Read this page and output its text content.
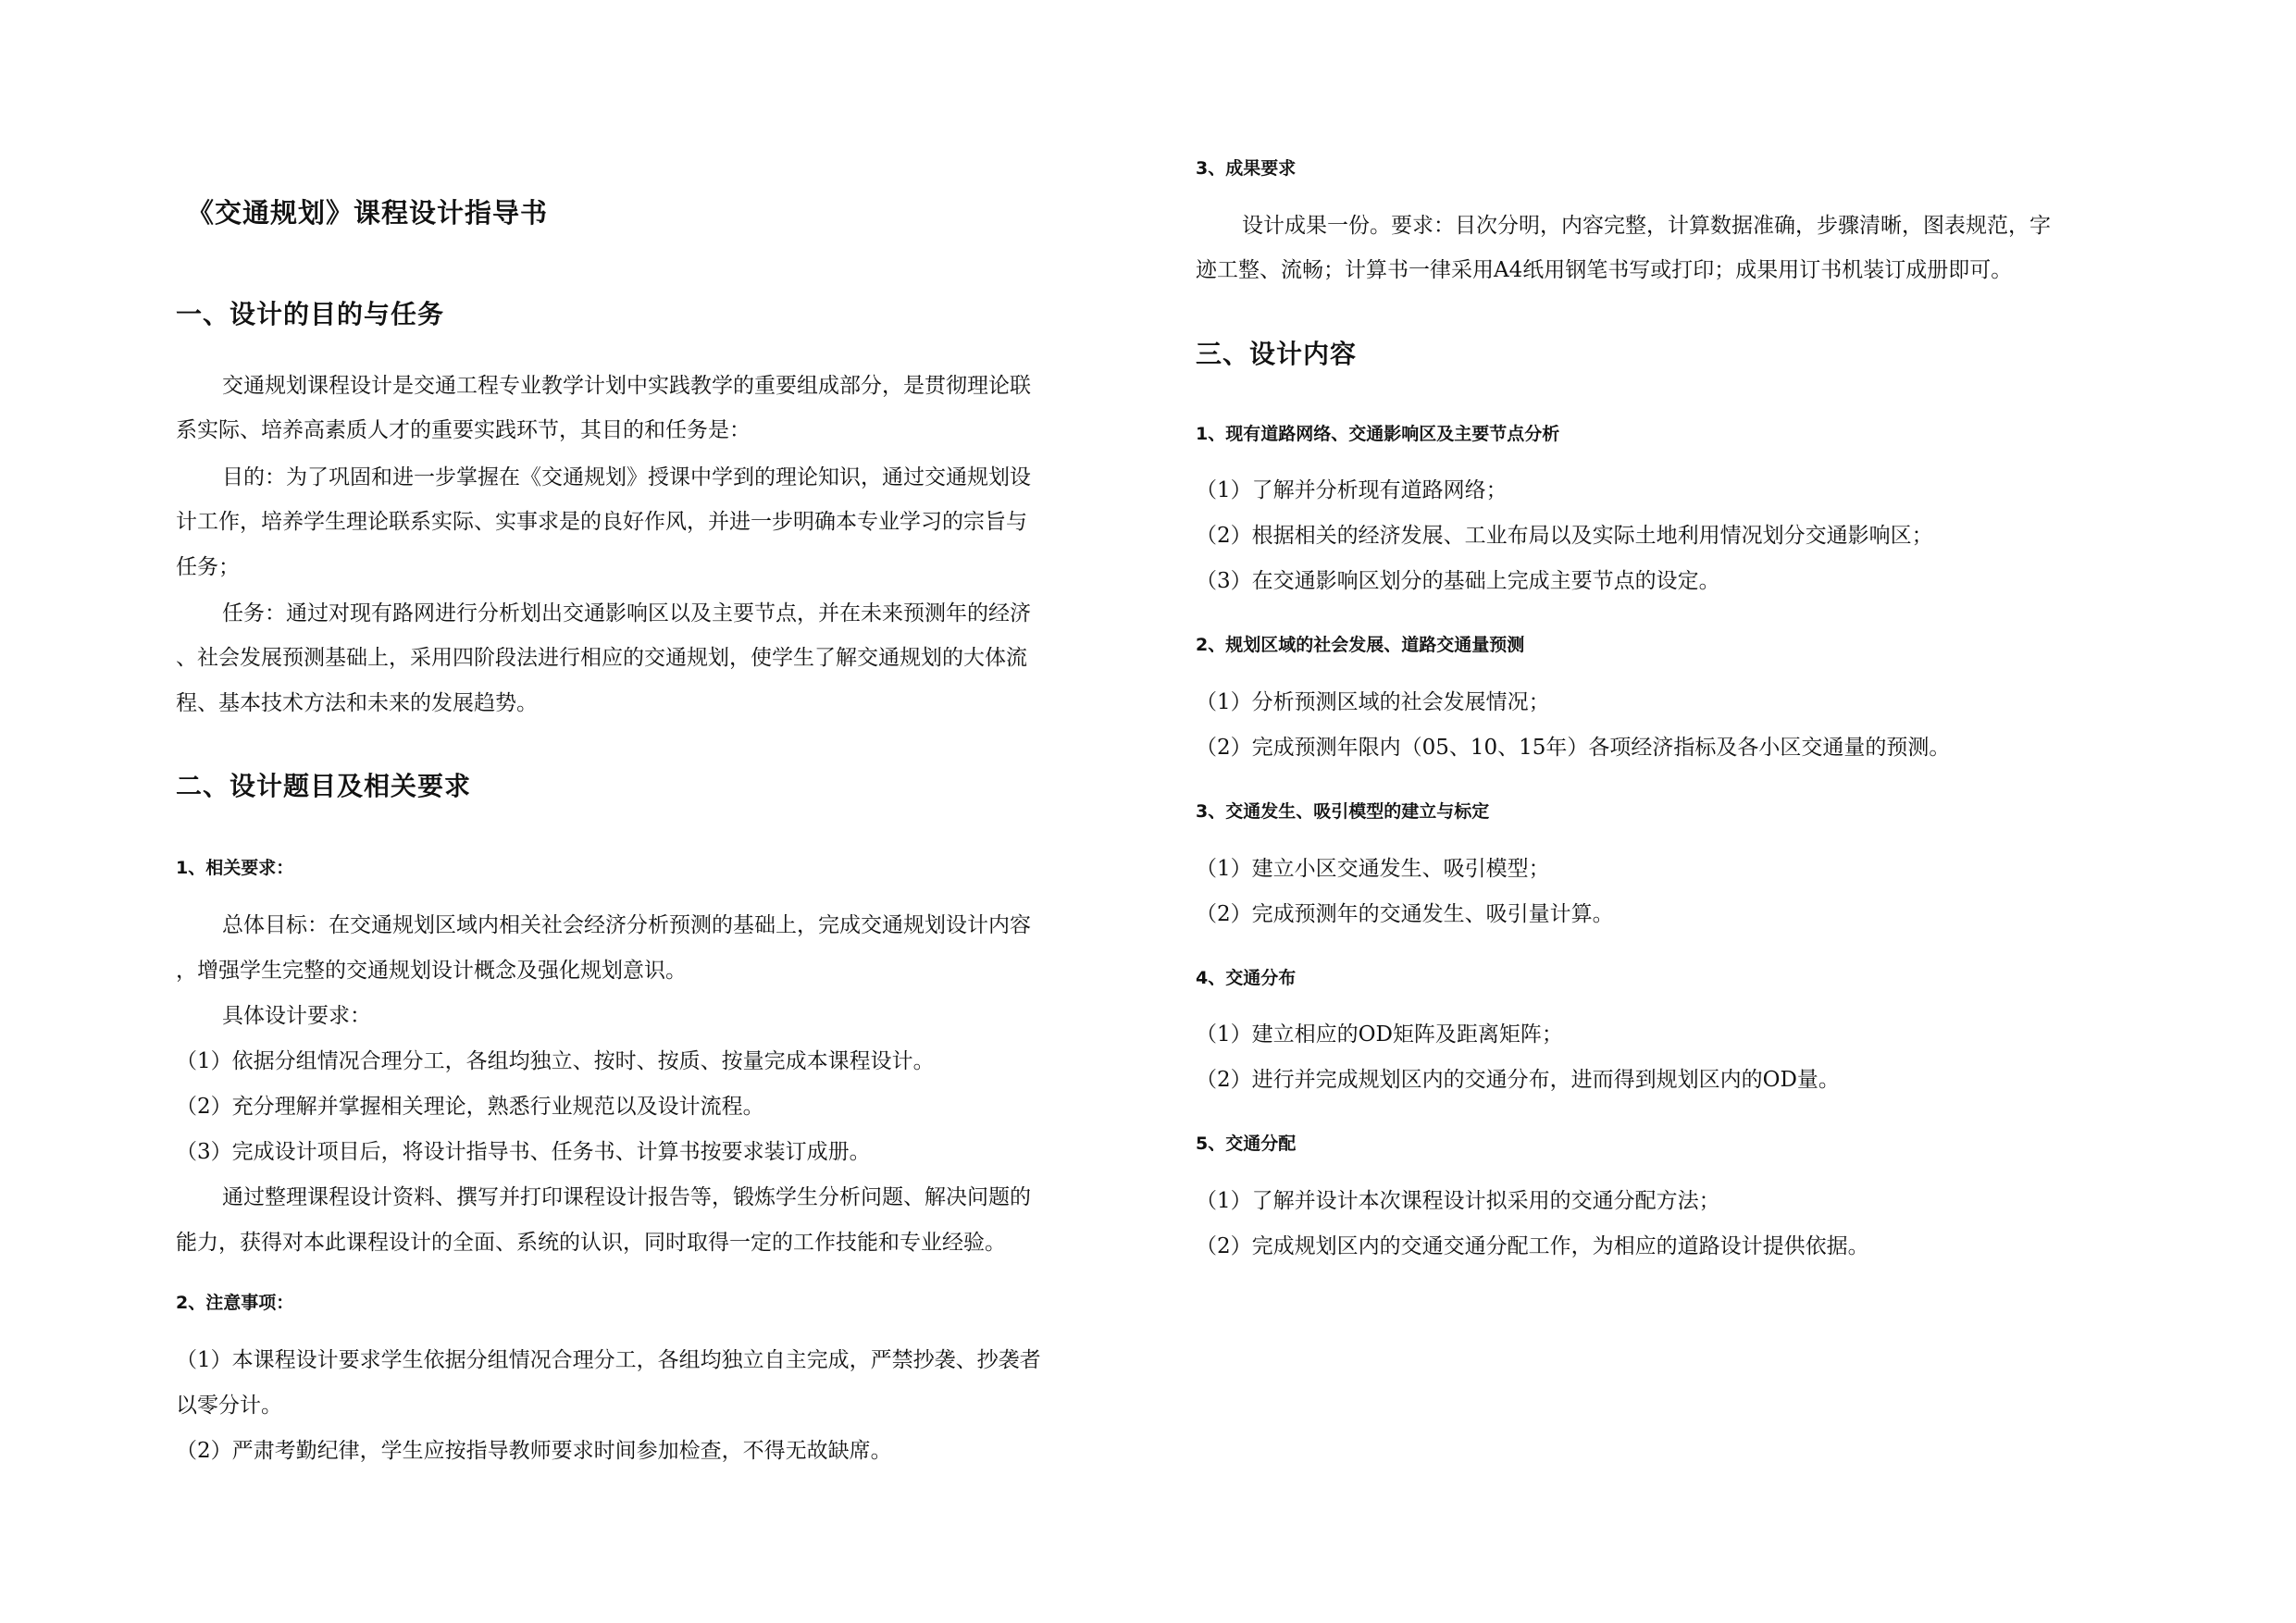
《交通规划》课程设计指导书
一、设计的目的与任务
交通规划课程设计是交通工程专业教学计划中实践教学的重要组成部分，是贯彻理论联
系实际、培养高素质人才的重要实践环节，其目的和任务是：
目的：为了巩固和进一步掌握在《交通规划》授课中学到的理论知识，通过交通规划设
计工作，培养学生理论联系实际、实事求是的良好作风，并进一步明确本专业学习的宗旨与
任务；
任务：通过对现有路网进行分析划出交通影响区以及主要节点，并在未来预测年的经济
、社会发展预测基础上，采用四阶段法进行相应的交通规划，使学生了解交通规划的大体流
程、基本技术方法和未来的发展趋势。
二、设计题目及相关要求
1、相关要求：
总体目标：在交通规划区域内相关社会经济分析预测的基础上，完成交通规划设计内容
，增强学生完整的交通规划设计概念及强化规划意识。
具体设计要求：
（1）依据分组情况合理分工，各组均独立、按时、按质、按量完成本课程设计。
（2）充分理解并掌握相关理论，熟悉行业规范以及设计流程。
（3）完成设计项目后，将设计指导书、任务书、计算书按要求装订成册。
通过整理课程设计资料、撰写并打印课程设计报告等，锻炼学生分析问题、解决问题的
能力，获得对本此课程设计的全面、系统的认识，同时取得一定的工作技能和专业经验。
2、注意事项：
（1）本课程设计要求学生依据分组情况合理分工，各组均独立自主完成，严禁抄袭、抄袭者
以零分计。
（2）严肃考勤纪律，学生应按指导教师要求时间参加检查，不得无故缺席。
3、成果要求
设计成果一份。要求：目次分明，内容完整，计算数据准确，步骤清晰，图表规范，字
迹工整、流畅；计算书一律采用A4纸用钢笔书写或打印；成果用订书机装订成册即可。
三、设计内容
1、现有道路网络、交通影响区及主要节点分析
（1）了解并分析现有道路网络；
（2）根据相关的经济发展、工业布局以及实际土地利用情况划分交通影响区；
（3）在交通影响区划分的基础上完成主要节点的设定。
2、规划区域的社会发展、道路交通量预测
（1）分析预测区域的社会发展情况；
（2）完成预测年限内（05、10、15年）各项经济指标及各小区交通量的预测。
3、交通发生、吸引模型的建立与标定
（1）建立小区交通发生、吸引模型；
（2）完成预测年的交通发生、吸引量计算。
4、交通分布
（1）建立相应的OD矩阵及距离矩阵；
（2）进行并完成规划区内的交通分布，进而得到规划区内的OD量。
5、交通分配
（1）了解并设计本次课程设计拟采用的交通分配方法；
（2）完成规划区内的交通交通分配工作，为相应的道路设计提供依据。
